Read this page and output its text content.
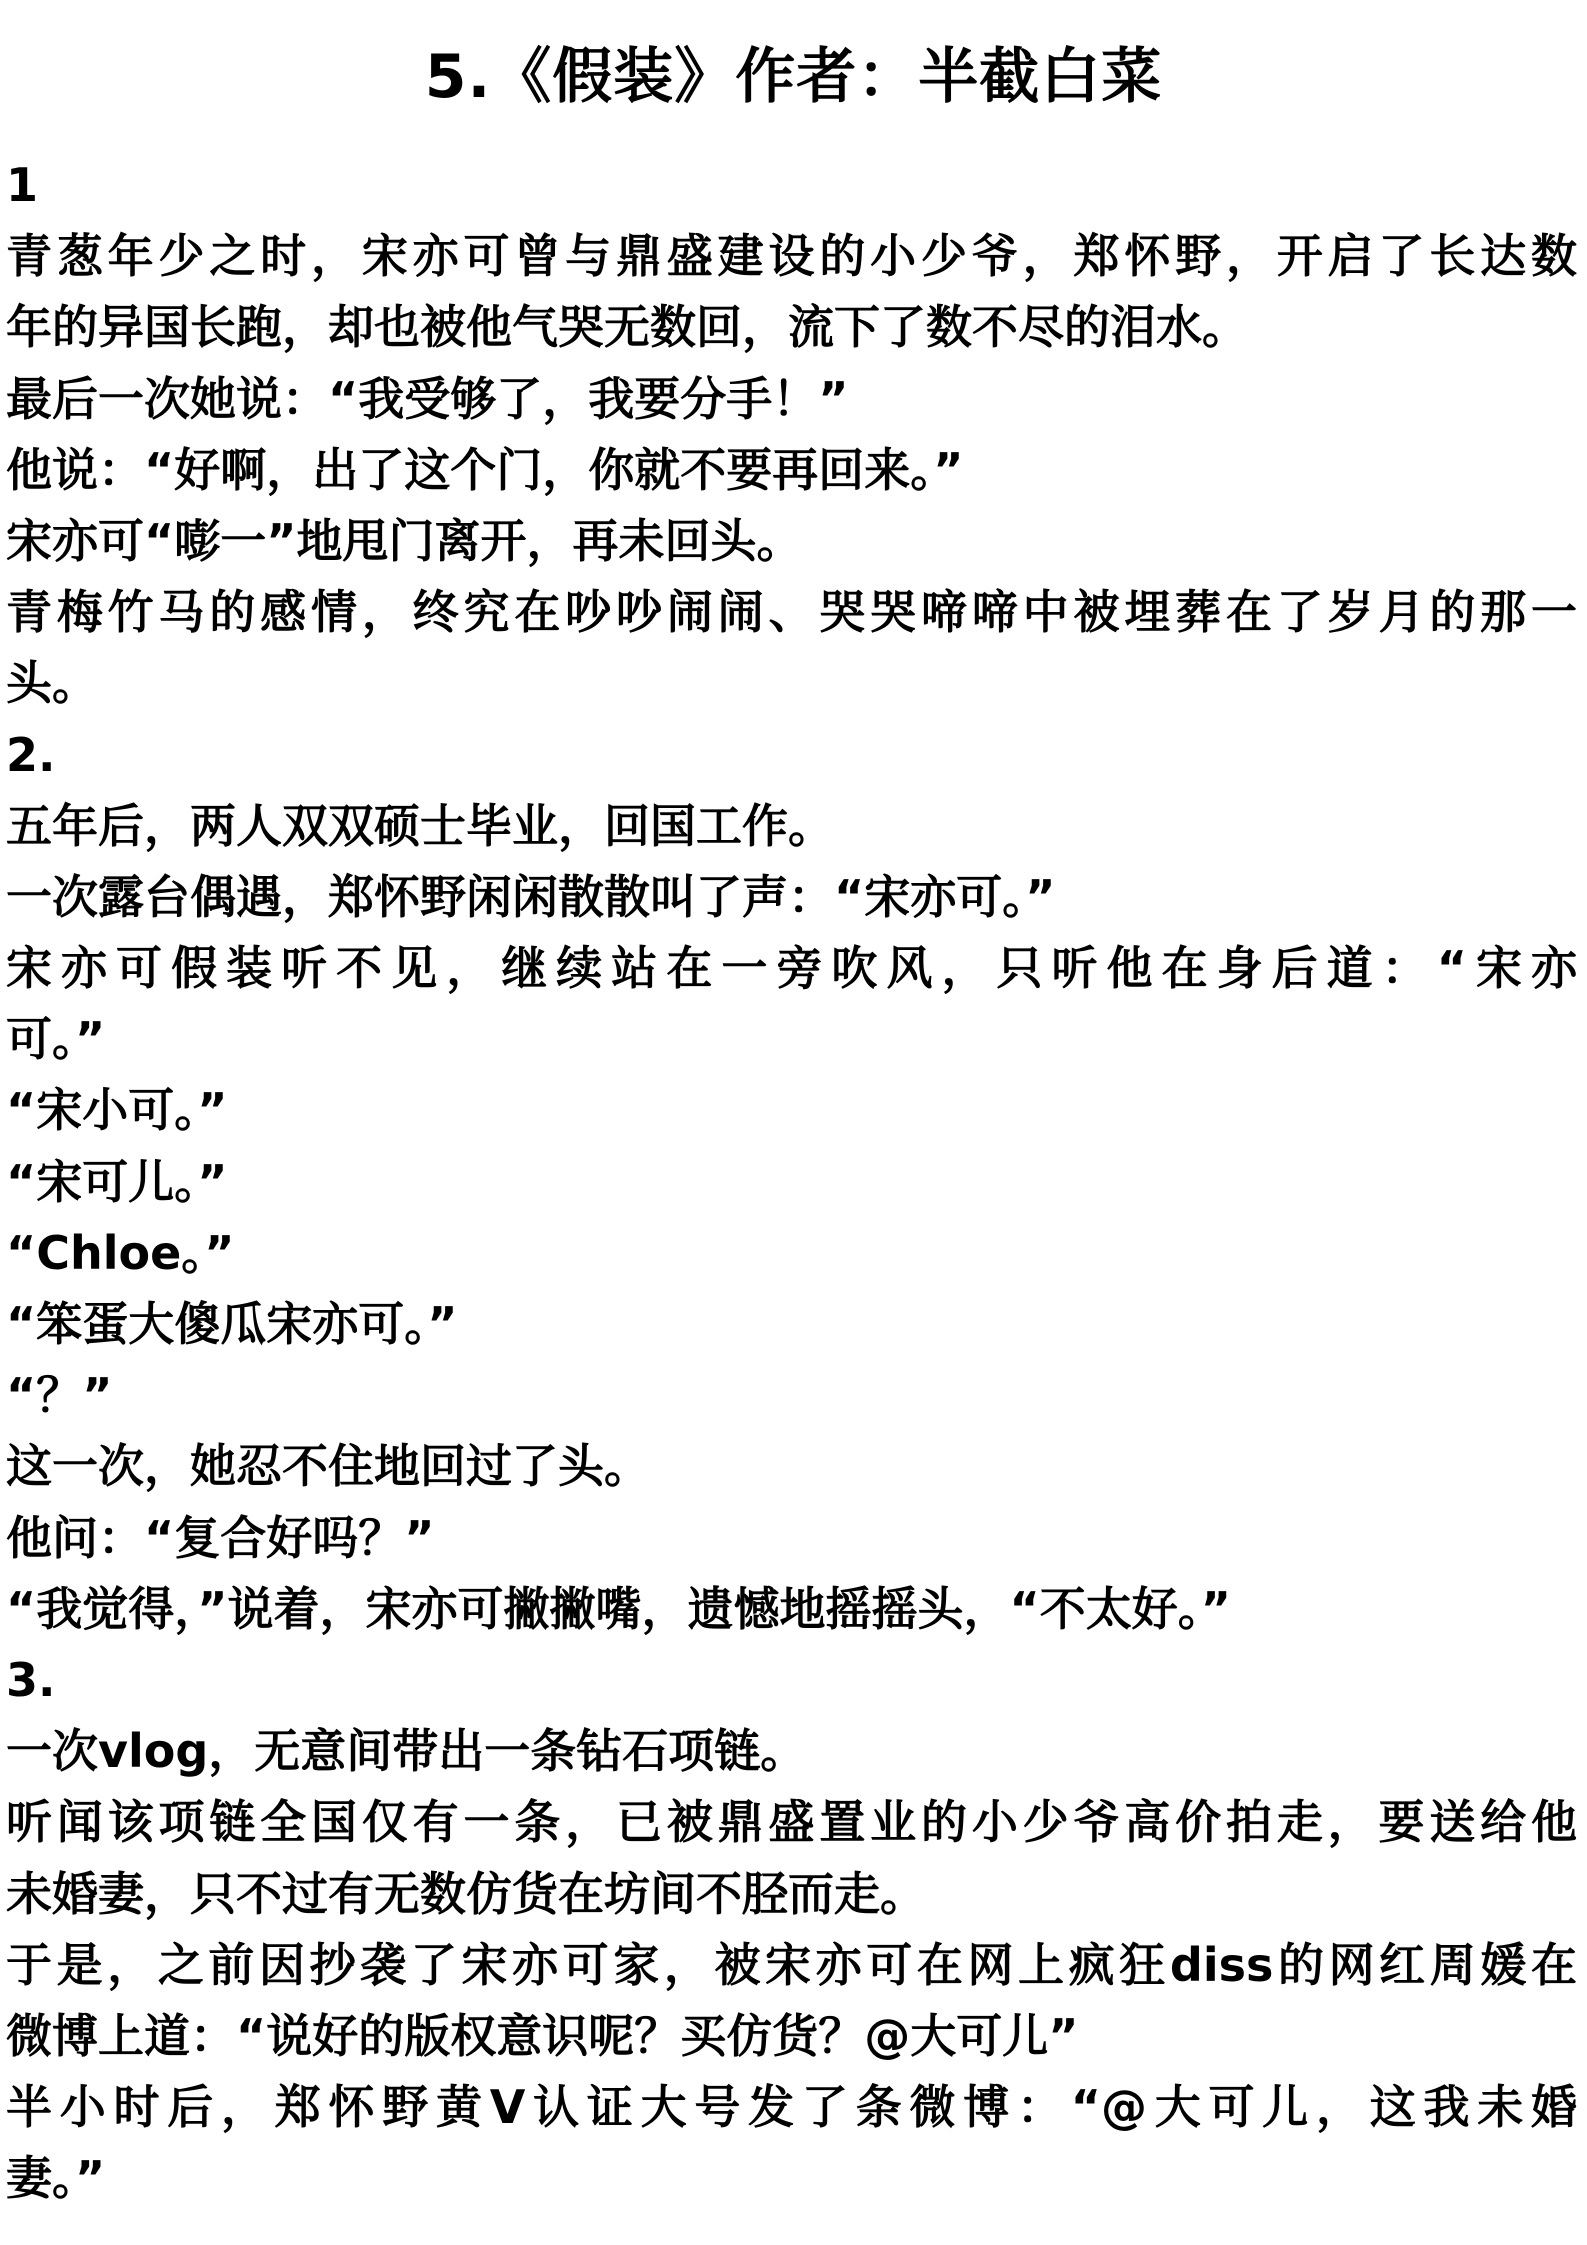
5.《假装》作者：半截白菜

1

青葱年少之时，宋亦可曾与鼎盛建设的小少爷，郑怀野，开启了长达数

年的异国长跑，却也被他气哭无数回，流下了数不尽的泪水。

最后一次她说：“我受够了，我要分手！”

他说：“好啊，出了这个门，你就不要再回来。”

宋亦可“嘭一”地甩门离开，再未回头。

青梅竹马的感情，终究在吵吵闹闹、哭哭啼啼中被埋葬在了岁月的那一

头。

2.

五年后，两人双双硕士毕业，回国工作。

一次露台偶遇，郑怀野闲闲散散叫了声：“宋亦可。”

宋亦可假装听不见，继续站在一旁吹风，只听他在身后道：“宋亦

可。”

“宋小可。”

“宋可儿。”

“Chloe。”

“笨蛋大傻瓜宋亦可。”

“？”

这一次，她忍不住地回过了头。

他问：“复合好吗？”

“我觉得，”说着，宋亦可撇撇嘴，遗憾地摇摇头，“不太好。”

3.

一次vlog，无意间带出一条钻石项链。

听闻该项链全国仅有一条，已被鼎盛置业的小少爷高价拍走，要送给他

未婚妻，只不过有无数仿货在坊间不胫而走。

于是，之前因抄袭了宋亦可家，被宋亦可在网上疯狂diss的网红周媛在

微博上道：“说好的版权意识呢？买仿货？@大可儿”

半小时后，郑怀野黄V认证大号发了条微博：“@大可儿，这我未婚

妻。”
